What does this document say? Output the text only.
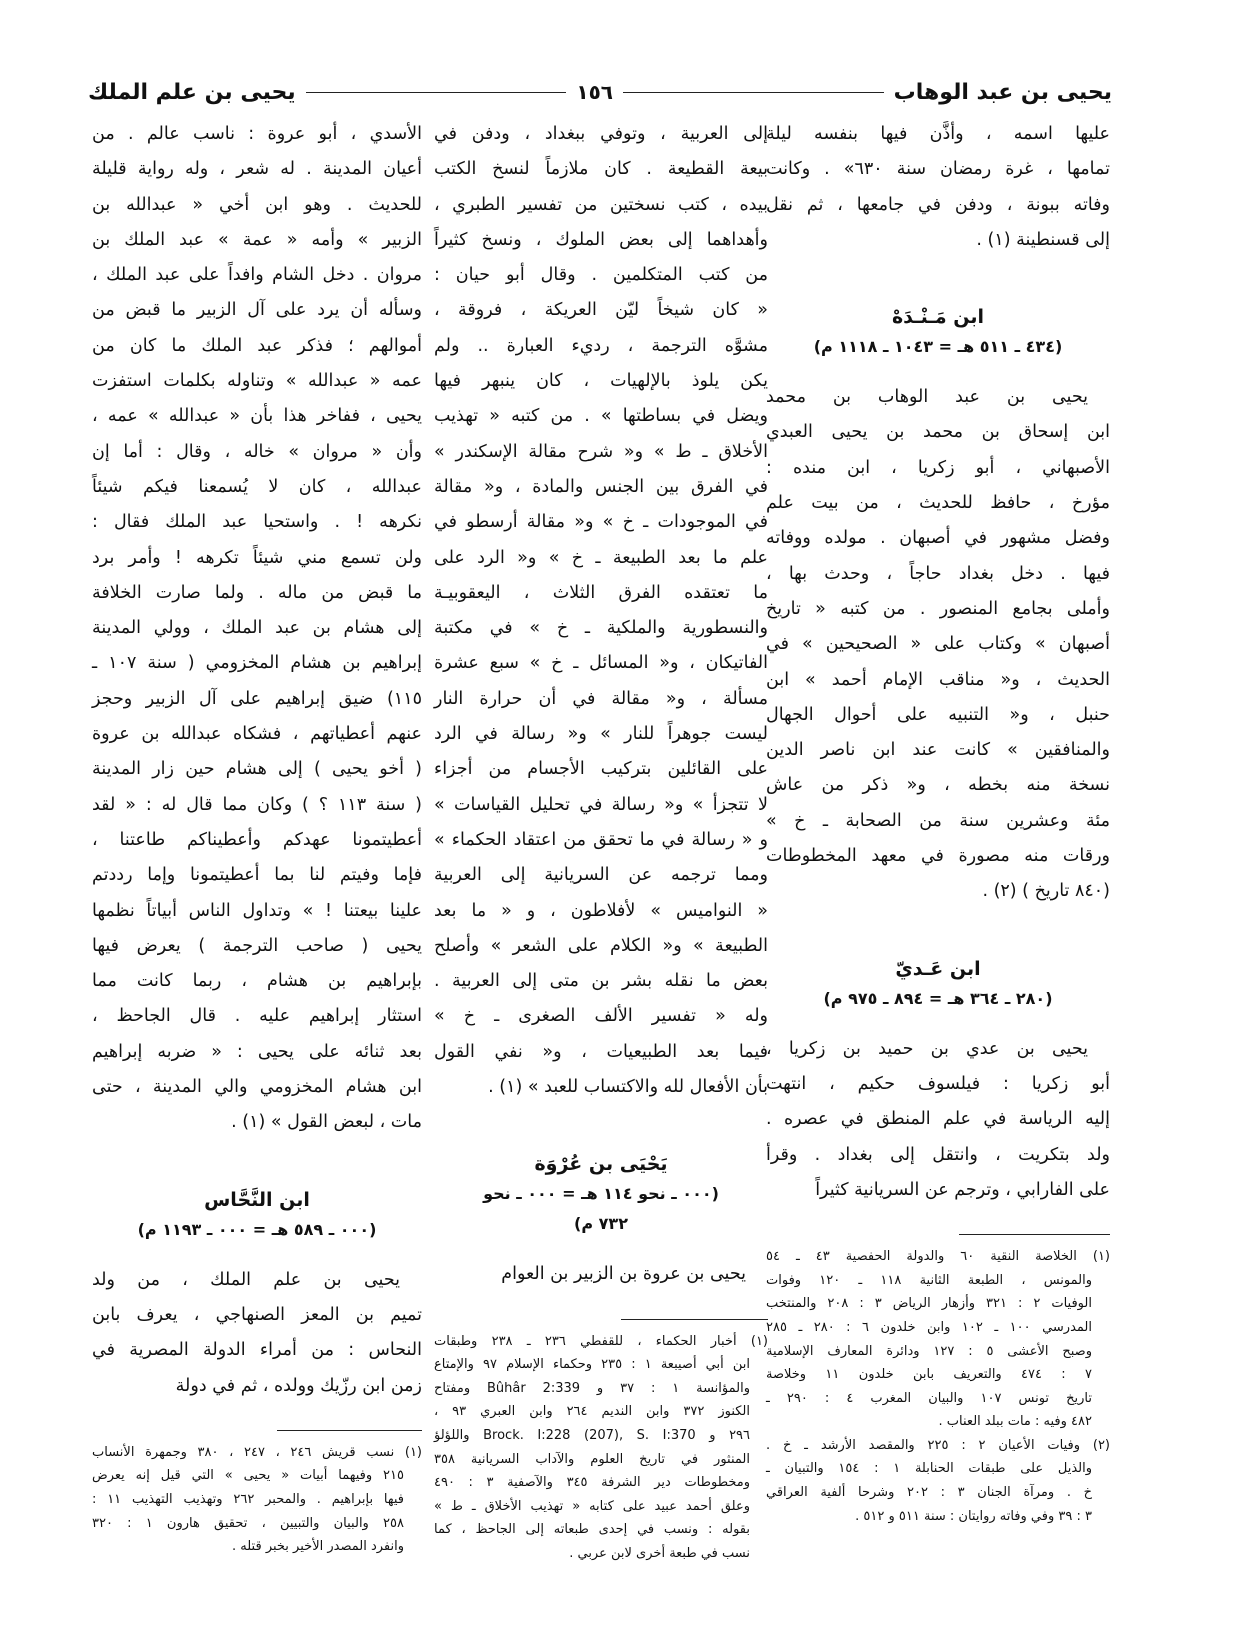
يحيى بن عبد الوهاب
١٥٦
يحيى بن علم الملك
عليها اسمه ، وأذَّن فيها بنفسه ليلة
تمامها ، غرة رمضان سنة ٦٣٠» . وكانت
وفاته ببونة ، ودفن في جامعها ، ثم نقل
إلى قسنطينة (١) .
ابن مَـنْـدَهْ
(٤٣٤ ـ ٥١١ هـ = ١٠٤٣ ـ ١١١٨ م)
يحيى بن عبد الوهاب بن محمد
ابن إسحاق بن محمد بن يحيى العبدي
الأصبهاني ، أبو زكريا ، ابن منده :
مؤرخ ، حافظ للحديث ، من بيت علم
وفضل مشهور في أصبهان . مولده ووفاته
فيها . دخل بغداد حاجاً ، وحدث بها ،
وأملى بجامع المنصور . من كتبه « تاريخ
أصبهان » وكتاب على « الصحيحين » في
الحديث ، و« مناقب الإمام أحمد » ابن
حنبل ، و« التنبيه على أحوال الجهال
والمنافقين » كانت عند ابن ناصر الدين
نسخة منه بخطه ، و« ذكر من عاش
مئة وعشرين سنة من الصحابة ـ خ »
ورقات منه مصورة في معهد المخطوطات
(٨٤٠ تاريخ ) (٢) .
ابن عَـديّ
(٢٨٠ ـ ٣٦٤ هـ = ٨٩٤ ـ ٩٧٥ م)
يحيى بن عدي بن حميد بن زكريا ،
أبو زكريا : فيلسوف حكيم ، انتهت
إليه الرياسة في علم المنطق في عصره .
ولد بتكريت ، وانتقل إلى بغداد . وقرأ
على الفارابي ، وترجم عن السريانية كثيراً
(١) الخلاصة النقية ٦٠ والدولة الحفصية ٤٣ ـ ٥٤
والمونس ، الطبعة الثانية ١١٨ ـ ١٢٠ وفوات
الوفيات ٢ : ٣٢١ وأزهار الرياض ٣ : ٢٠٨ والمنتخب
المدرسي ١٠٠ ـ ١٠٢ وابن خلدون ٦ : ٢٨٠ ـ ٢٨٥
وصبح الأعشى ٥ : ١٢٧ ودائرة المعارف الإسلامية
٧ : ٤٧٤ والتعريف بابن خلدون ١١ وخلاصة
تاريخ تونس ١٠٧ والبيان المغرب ٤ : ٢٩٠ ـ
٤٨٢ وفيه : مات ببلد العناب .
(٢) وفيات الأعيان ٢ : ٢٢٥ والمقصد الأرشد ـ خ .
والذيل على طبقات الحنابلة ١ : ١٥٤ والتبيان ـ
خ . ومرآة الجنان ٣ : ٢٠٢ وشرحا ألفية العراقي
٣ : ٣٩ وفي وفاته روايتان : سنة ٥١١ و ٥١٢ .
إلى العربية ، وتوفي ببغداد ، ودفن في
بيعة القطيعة . كان ملازماً لنسخ الكتب
بيده ، كتب نسختين من تفسير الطبري ،
وأهداهما إلى بعض الملوك ، ونسخ كثيراً
من كتب المتكلمين . وقال أبو حيان :
« كان شيخاً ليّن العريكة ، فروقة ،
مشوَّه الترجمة ، رديء العبارة .. ولم
يكن يلوذ بالإلهيات ، كان ينبهر فيها
ويضل في بساطتها » . من كتبه « تهذيب
الأخلاق ـ ط » و« شرح مقالة الإسكندر »
في الفرق بين الجنس والمادة ، و« مقالة
في الموجودات ـ خ » و« مقالة أرسطو في
علم ما بعد الطبيعة ـ خ » و« الرد على
ما تعتقده الفرق الثلاث ، اليعقوبيـة
والنسطورية والملكية ـ خ » في مكتبة
الفاتيكان ، و« المسائل ـ خ » سبع عشرة
مسألة ، و« مقالة في أن حرارة النار
ليست جوهراً للنار » و« رسالة في الرد
على القائلين بتركيب الأجسام من أجزاء
لا تتجزأ » و« رسالة في تحليل القياسات »
و « رسالة في ما تحقق من اعتقاد الحكماء »
ومما ترجمه عن السريانية إلى العربية
« النواميس » لأفلاطون ، و « ما بعد
الطبيعة » و« الكلام على الشعر » وأصلح
بعض ما نقله بشر بن متى إلى العربية .
وله « تفسير الألف الصغرى ـ خ »
فيما بعد الطبيعيات ، و« نفي القول
بأن الأفعال لله والاكتساب للعبد » (١) .
يَحْيَى بن عُرْوَة
(٠٠٠ ـ نحو ١١٤ هـ = ٠٠٠ ـ نحو
٧٣٢ م)
يحيى بن عروة بن الزبير بن العوام
(١) أخبار الحكماء ، للقفطي ٢٣٦ ـ ٢٣٨ وطبقات
ابن أبي أصيبعة ١ : ٢٣٥ وحكماء الإسلام ٩٧ والإمتاع
والمؤانسة ١ : ٣٧ و Bûhâr 2:339 ومفتاح
الكنوز ٣٧٢ وابن النديم ٢٦٤ وابن العبري ٩٣ ،
٢٩٦ و Brock. I:228 (207), S. I:370 واللؤلؤ
المنثور في تاريخ العلوم والآداب السريانية ٣٥٨
ومخطوطات دير الشرفة ٣٤٥ والآصفية ٣ : ٤٩٠
وعلق أحمد عبيد على كتابه « تهذيب الأخلاق ـ ط »
بقوله : ونسب في إحدى طبعاته إلى الجاحظ ، كما
نسب في طبعة أخرى لابن عربي .
الأسدي ، أبو عروة : ناسب عالم . من
أعيان المدينة . له شعر ، وله رواية قليلة
للحديث . وهو ابن أخي « عبدالله بن
الزبير » وأمه « عمة » عبد الملك بن
مروان . دخل الشام وافداً على عبد الملك ،
وسأله أن يرد على آل الزبير ما قبض من
أموالهم ؛ فذكر عبد الملك ما كان من
عمه « عبدالله » وتناوله بكلمات استفزت
يحيى ، ففاخر هذا بأن « عبدالله » عمه ،
وأن « مروان » خاله ، وقال : أما إن
عبدالله ، كان لا يُسمعنا فيكم شيئاً
نكرهه ! . واستحيا عبد الملك فقال :
ولن تسمع مني شيئاً تكرهه ! وأمر برد
ما قبض من ماله . ولما صارت الخلافة
إلى هشام بن عبد الملك ، وولي المدينة
إبراهيم بن هشام المخزومي ( سنة ١٠٧ ـ
١١٥) ضيق إبراهيم على آل الزبير وحجز
عنهم أعطياتهم ، فشكاه عبدالله بن عروة
( أخو يحيى ) إلى هشام حين زار المدينة
( سنة ١١٣ ؟ ) وكان مما قال له : « لقد
أعطيتمونا عهدكم وأعطيناكم طاعتنا ،
فإما وفيتم لنا بما أعطيتمونا وإما رددتم
علينا بيعتنا ! » وتداول الناس أبياتاً نظمها
يحيى ( صاحب الترجمة ) يعرض فيها
بإبراهيم بن هشام ، ربما كانت مما
استثار إبراهيم عليه . قال الجاحظ ،
بعد ثنائه على يحيى : « ضربه إبراهيم
ابن هشام المخزومي والي المدينة ، حتى
مات ، لبعض القول » (١) .
ابن النَّحَّاس
(٠٠٠ ـ ٥٨٩ هـ = ٠٠٠ ـ ١١٩٣ م)
يحيى بن علم الملك ، من ولد
تميم بن المعز الصنهاجي ، يعرف بابن
النحاس : من أمراء الدولة المصرية في
زمن ابن رزّيك وولده ، ثم في دولة
(١) نسب قريش ٢٤٦ ، ٢٤٧ ، ٣٨٠ وجمهرة الأنساب
٢١٥ وفيهما أبيات « يحيى » التي قيل إنه يعرض
فيها بإبراهيم . والمحبر ٢٦٢ وتهذيب التهذيب ١١ :
٢٥٨ والبيان والتبيين ، تحقيق هارون ١ : ٣٢٠
وانفرد المصدر الأخير بخبر قتله .
